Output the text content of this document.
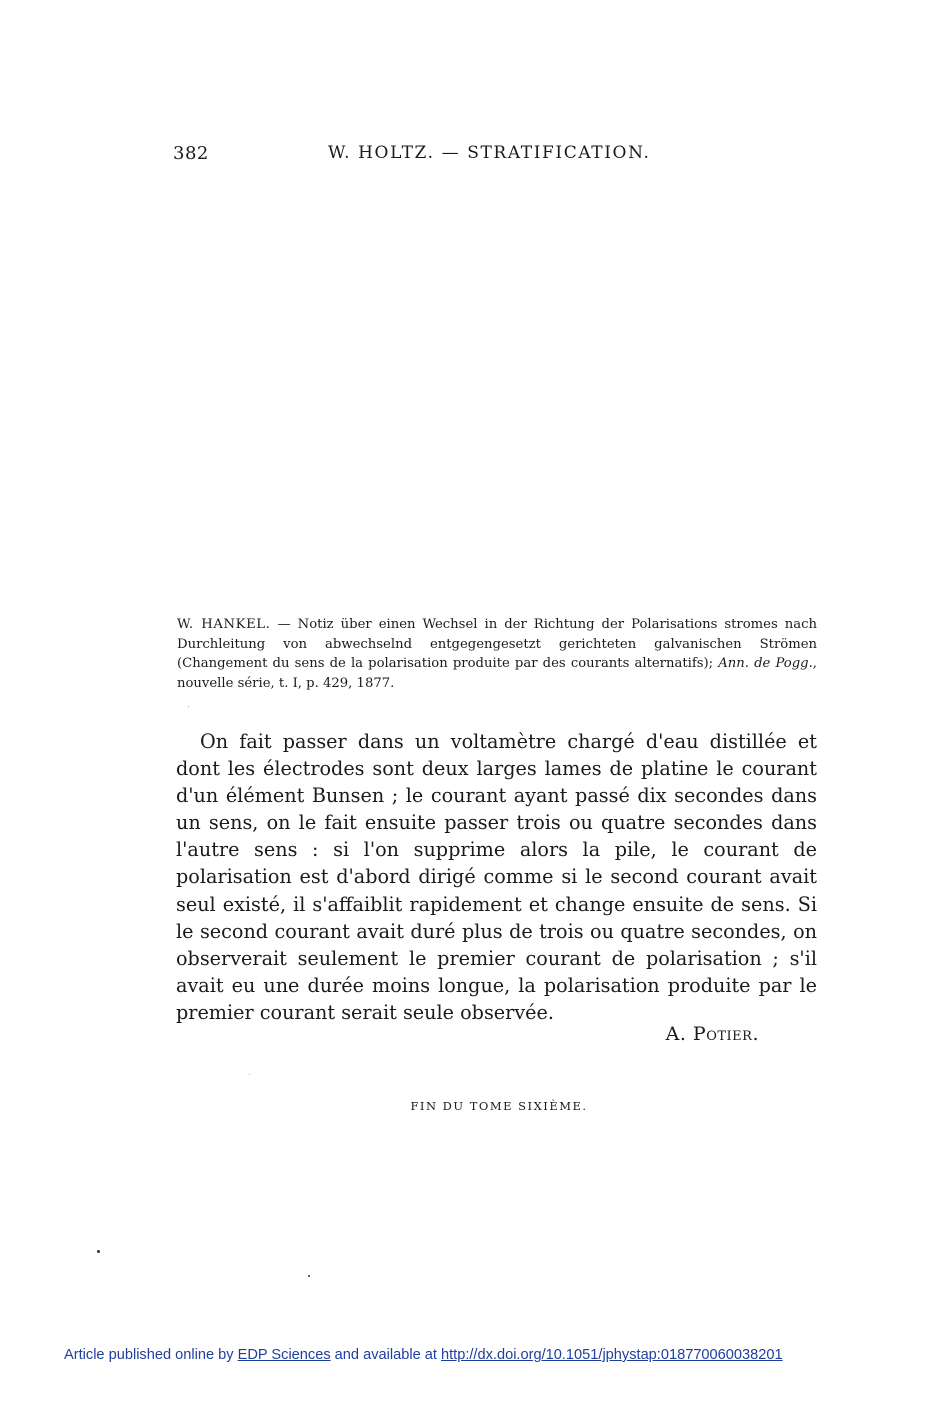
382	W. HOLTZ. — STRATIFICATION.
W. HANKEL. — Notiz über einen Wechsel in der Richtung der Polarisations stromes nach Durchleitung von abwechselnd entgegengesetzt gerichteten galvanischen Strömen (Changement du sens de la polarisation produite par des courants alternatifs); Ann. de Pogg., nouvelle série, t. I, p. 429, 1877.

On fait passer dans un voltamètre chargé d'eau distillée et dont les électrodes sont deux larges lames de platine le courant d'un élément Bunsen ; le courant ayant passé dix secondes dans un sens, on le fait ensuite passer trois ou quatre secondes dans l'autre sens : si l'on supprime alors la pile, le courant de polarisation est d'abord dirigé comme si le second courant avait seul existé, il s'affaiblit rapidement et change ensuite de sens. Si le second courant avait duré plus de trois ou quatre secondes, on observerait seulement le premier courant de polarisation ; s'il avait eu une durée moins longue, la polarisation produite par le premier courant serait seule observée.

A. Potier.
FIN DU TOME SIXIÈME.
Article published online by EDP Sciences and available at http://dx.doi.org/10.1051/jphystap:018770060038201
